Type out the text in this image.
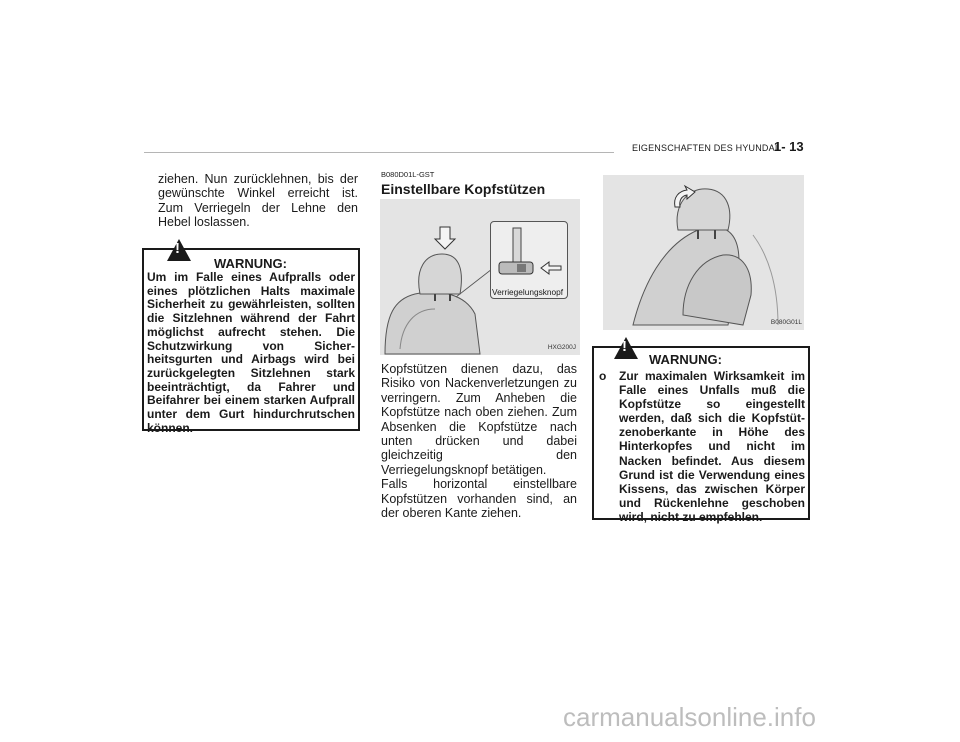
EIGENSCHAFTEN DES HYUNDAI
1- 13
ziehen. Nun zurücklehnen, bis der gewünschte Winkel erreicht ist. Zum Verriegeln der Lehne den Hebel loslassen.
!
WARNUNG:
Um im Falle eines Aufpralls oder eines plötzlichen Halts maximale Sicherheit zu gewährleisten, sollten die Sitzlehnen während der Fahrt möglichst aufrecht stehen. Die Schutzwirkung von Sicher-heitsgurten und Airbags wird bei zurückgelegten Sitzlehnen stark beeinträchtigt, da Fahrer und Beifahrer bei einem starken Aufprall unter dem Gurt hindurchrutschen können.
B080D01L-GST
Einstellbare Kopfstützen
Verriegelungsknopf
HXG200J
Kopfstützen dienen dazu, das Risiko von Nackenverletzungen zu verringern. Zum Anheben die Kopfstütze nach oben ziehen. Zum Absenken die Kopfstütze nach unten drücken und dabei gleichzeitig den Verriegelungsknopf betätigen.
Falls horizontal einstellbare Kopfstützen vorhanden sind, an der oberen Kante ziehen.
B080G01L
!
WARNUNG:
o Zur maximalen Wirksamkeit im Falle eines Unfalls muß die Kopfstütze so eingestellt werden, daß sich die Kopfstüt-zenoberkante in Höhe des Hinterkopfes und nicht im Nacken befindet. Aus diesem Grund ist die Verwendung eines Kissens, das zwischen Körper und Rückenlehne geschoben wird, nicht zu empfehlen.
carmanualsonline.info
